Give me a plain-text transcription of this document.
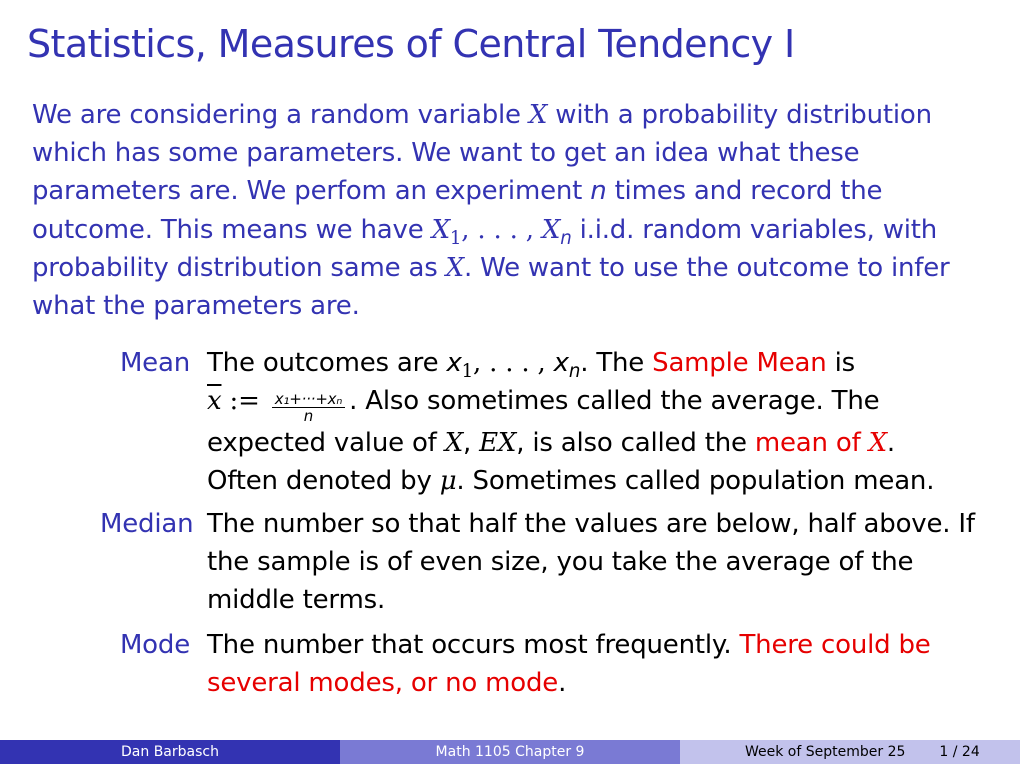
Statistics, Measures of Central Tendency I
We are considering a random variable X with a probability distribution which has some parameters. We want to get an idea what these parameters are. We perfom an experiment n times and record the outcome. This means we have $X_1$, . . . , $X_n$ i.i.d. random variables, with probability distribution same as X. We want to use the outcome to infer what the parameters are.
Mean The outcomes are $x_1$, . . . , $x_n$. The Sample Mean is
$\overline{x}$ := $\frac{\text{x₁+···+xₙ}}{n}$ . Also sometimes called the average. The expected value of X, EX, is also called the mean of X.
Often denoted by μ. Sometimes called population mean.
Median The number so that half the values are below, half above. If the sample is of even size, you take the average of the middle terms.
Mode The number that occurs most frequently. There could be several modes, or no mode.
Dan Barbasch	Math 1105 Chapter 9	Week of September 25 1 / 24
